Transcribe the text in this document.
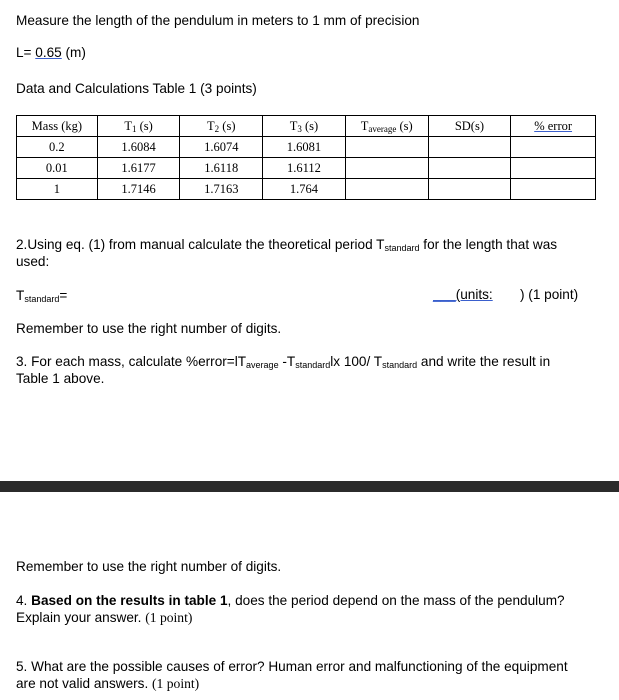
Measure the length of the pendulum in meters to 1 mm of precision
L= 0.65 (m)
Data and Calculations Table 1 (3 points)
Mass (kg)	$T_1$ (s)	$T_2$ (s)	$T_3$ (s)	$T_{average}$ (s)	SD(s)	% error
0.2	1.6084	1.6074	1.6081			
0.01	1.6177	1.6118	1.6112			
1	1.7146	1.7163	1.764			
2.Using eq. (1) from manual calculate the theoretical period $T_{standard}$ for the length that was
used:
$T_{standard}=$	___(units: ) (1 point)
Remember to use the right number of digits.
3. For each mass, calculate $\%error=lT_{average}$ $-T_{standard}lx$ 100/ $T_{standard}$ and write the result in
Table 1 above.
Remember to use the right number of digits.
4. Based on the results in table 1, does the period depend on the mass of the pendulum?
Explain your answer. (1 point)
5. What are the possible causes of error? Human error and malfunctioning of the equipment
are not valid answers. (1 point)
